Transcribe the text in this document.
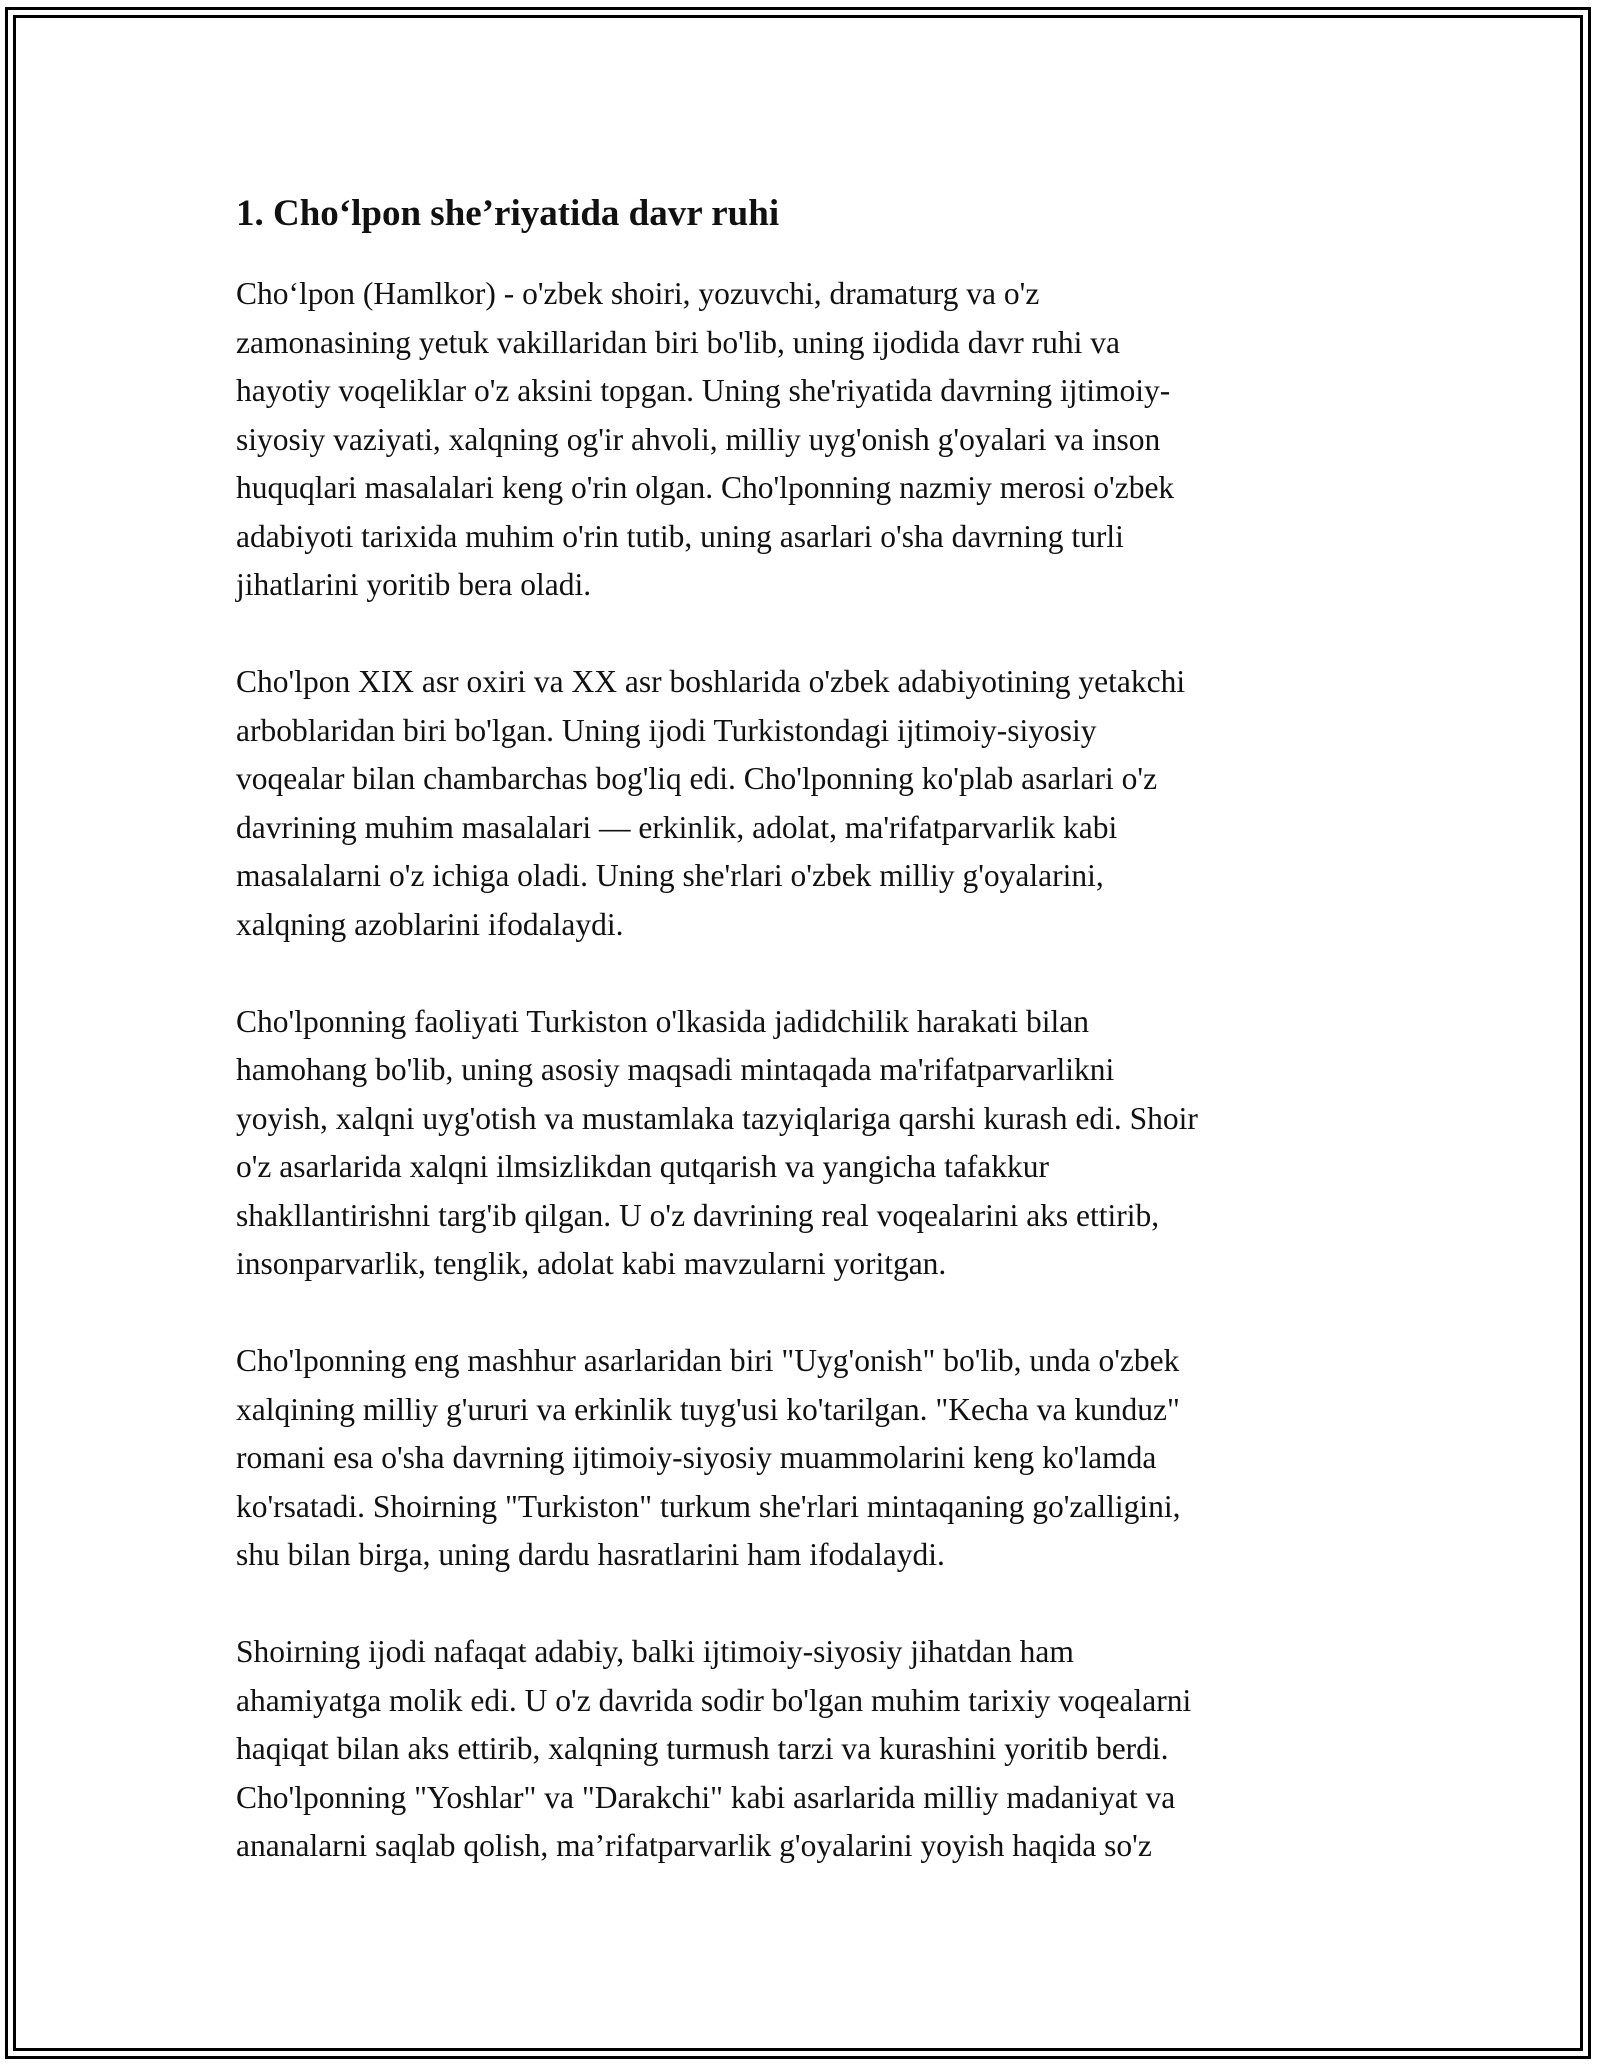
1. Cho‘lpon she’riyatida davr ruhi

Cho‘lpon (Hamlkor) - o'zbek shoiri, yozuvchi, dramaturg va o'z
zamonasining yetuk vakillaridan biri bo'lib, uning ijodida davr ruhi va
hayotiy voqeliklar o'z aksini topgan. Uning she'riyatida davrning ijtimoiy-
siyosiy vaziyati, xalqning og'ir ahvoli, milliy uyg'onish g'oyalari va inson
huquqlari masalalari keng o'rin olgan. Cho'lponning nazmiy merosi o'zbek
adabiyoti tarixida muhim o'rin tutib, uning asarlari o'sha davrning turli
jihatlarini yoritib bera oladi.

Cho'lpon XIX asr oxiri va XX asr boshlarida o'zbek adabiyotining yetakchi
arboblaridan biri bo'lgan. Uning ijodi Turkistondagi ijtimoiy-siyosiy
voqealar bilan chambarchas bog'liq edi. Cho'lponning ko'plab asarlari o'z
davrining muhim masalalari — erkinlik, adolat, ma'rifatparvarlik kabi
masalalarni o'z ichiga oladi. Uning she'rlari o'zbek milliy g'oyalarini,
xalqning azoblarini ifodalaydi.

Cho'lponning faoliyati Turkiston o'lkasida jadidchilik harakati bilan
hamohang bo'lib, uning asosiy maqsadi mintaqada ma'rifatparvarlikni
yoyish, xalqni uyg'otish va mustamlaka tazyiqlariga qarshi kurash edi. Shoir
o'z asarlarida xalqni ilmsizlikdan qutqarish va yangicha tafakkur
shakllantirishni targ'ib qilgan. U o'z davrining real voqealarini aks ettirib,
insonparvarlik, tenglik, adolat kabi mavzularni yoritgan.

Cho'lponning eng mashhur asarlaridan biri "Uyg'onish" bo'lib, unda o'zbek
xalqining milliy g'ururi va erkinlik tuyg'usi ko'tarilgan. "Kecha va kunduz"
romani esa o'sha davrning ijtimoiy-siyosiy muammolarini keng ko'lamda
ko'rsatadi. Shoirning "Turkiston" turkum she'rlari mintaqaning go'zalligini,
shu bilan birga, uning dardu hasratlarini ham ifodalaydi.

Shoirning ijodi nafaqat adabiy, balki ijtimoiy-siyosiy jihatdan ham
ahamiyatga molik edi. U o'z davrida sodir bo'lgan muhim tarixiy voqealarni
haqiqat bilan aks ettirib, xalqning turmush tarzi va kurashini yoritib berdi.
Cho'lponning "Yoshlar" va "Darakchi" kabi asarlarida milliy madaniyat va
ananalarni saqlab qolish, ma’rifatparvarlik g'oyalarini yoyish haqida so'z
